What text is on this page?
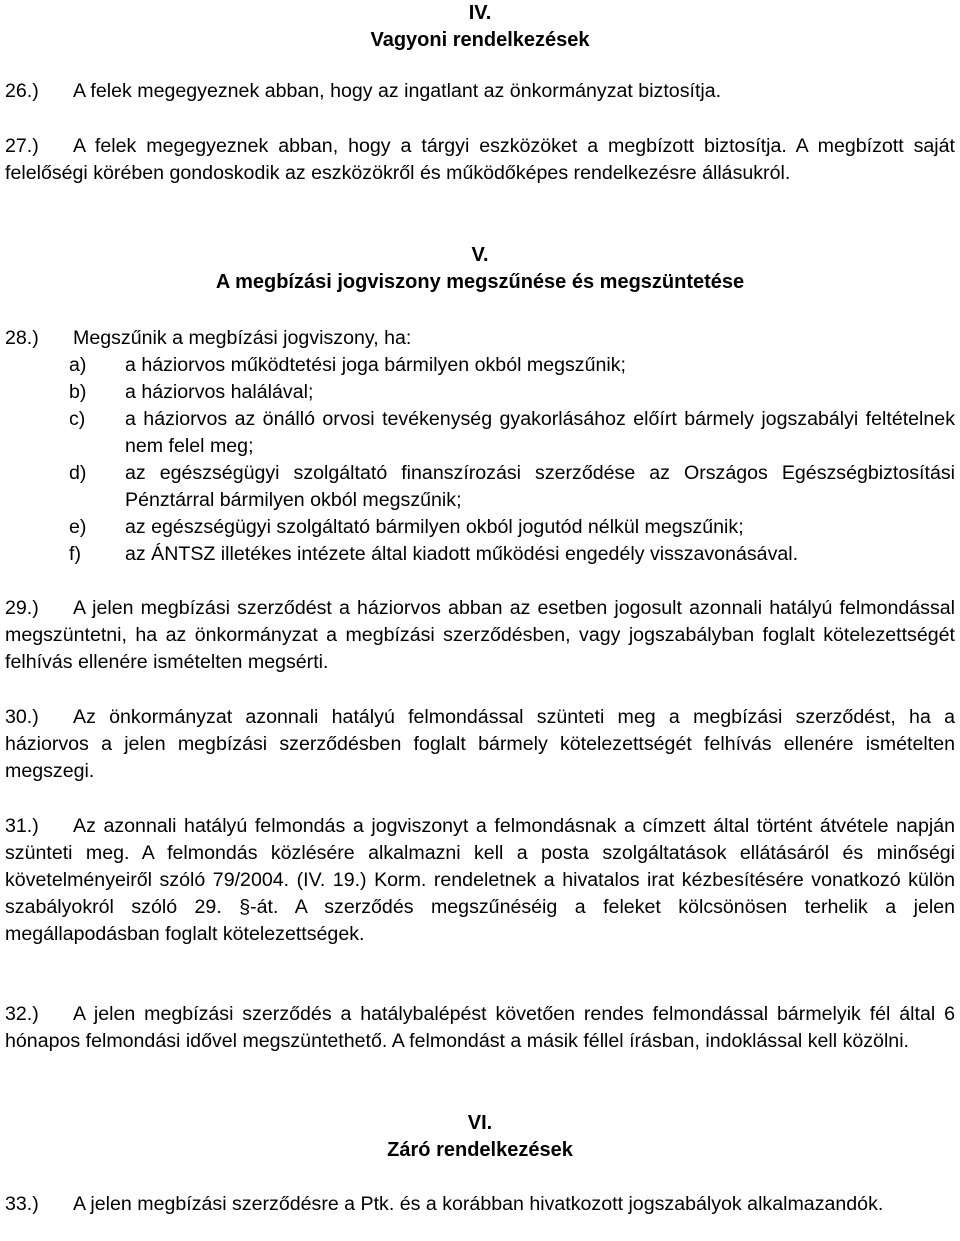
IV.
Vagyoni rendelkezések
26.) A felek megegyeznek abban, hogy az ingatlant az önkormányzat biztosítja.
27.) A felek megegyeznek abban, hogy a tárgyi eszközöket a megbízott biztosítja. A megbízott saját felelőségi körében gondoskodik az eszközökről és működőképes rendelkezésre állásukról.
V.
A megbízási jogviszony megszűnése és megszüntetése
28.) Megszűnik a megbízási jogviszony, ha:
a)	a háziorvos működtetési joga bármilyen okból megszűnik;
b)	a háziorvos halálával;
c)	a háziorvos az önálló orvosi tevékenység gyakorlásához előírt bármely jogszabályi feltételnek nem felel meg;
d)	az egészségügyi szolgáltató finanszírozási szerződése az Országos Egészségbiztosítási Pénztárral bármilyen okból megszűnik;
e)	az egészségügyi szolgáltató bármilyen okból jogutód nélkül megszűnik;
f)	az ÁNTSZ illetékes intézete által kiadott működési engedély visszavonásával.
29.) A jelen megbízási szerződést a háziorvos abban az esetben jogosult azonnali hatályú felmondással megszüntetni, ha az önkormányzat a megbízási szerződésben, vagy jogszabályban foglalt kötelezettségét felhívás ellenére ismételten megsérti.
30.) Az önkormányzat azonnali hatályú felmondással szünteti meg a megbízási szerződést, ha a háziorvos a jelen megbízási szerződésben foglalt bármely kötelezettségét felhívás ellenére ismételten megszegi.
31.) Az azonnali hatályú felmondás a jogviszonyt a felmondásnak a címzett által történt átvétele napján szünteti meg. A felmondás közlésére alkalmazni kell a posta szolgáltatások ellátásáról és minőségi követelményeiről szóló 79/2004. (IV. 19.) Korm. rendeletnek a hivatalos irat kézbesítésére vonatkozó külön szabályokról szóló 29. §-át. A szerződés megszűnéséig a feleket kölcsönösen terhelik a jelen megállapodásban foglalt kötelezettségek.
32.) A jelen megbízási szerződés a hatálybalépést követően rendes felmondással bármelyik fél által 6 hónapos felmondási idővel megszüntethető. A felmondást a másik féllel írásban, indoklással kell közölni.
VI.
Záró rendelkezések
33.) A jelen megbízási szerződésre a Ptk. és a korábban hivatkozott jogszabályok alkalmazandók.
